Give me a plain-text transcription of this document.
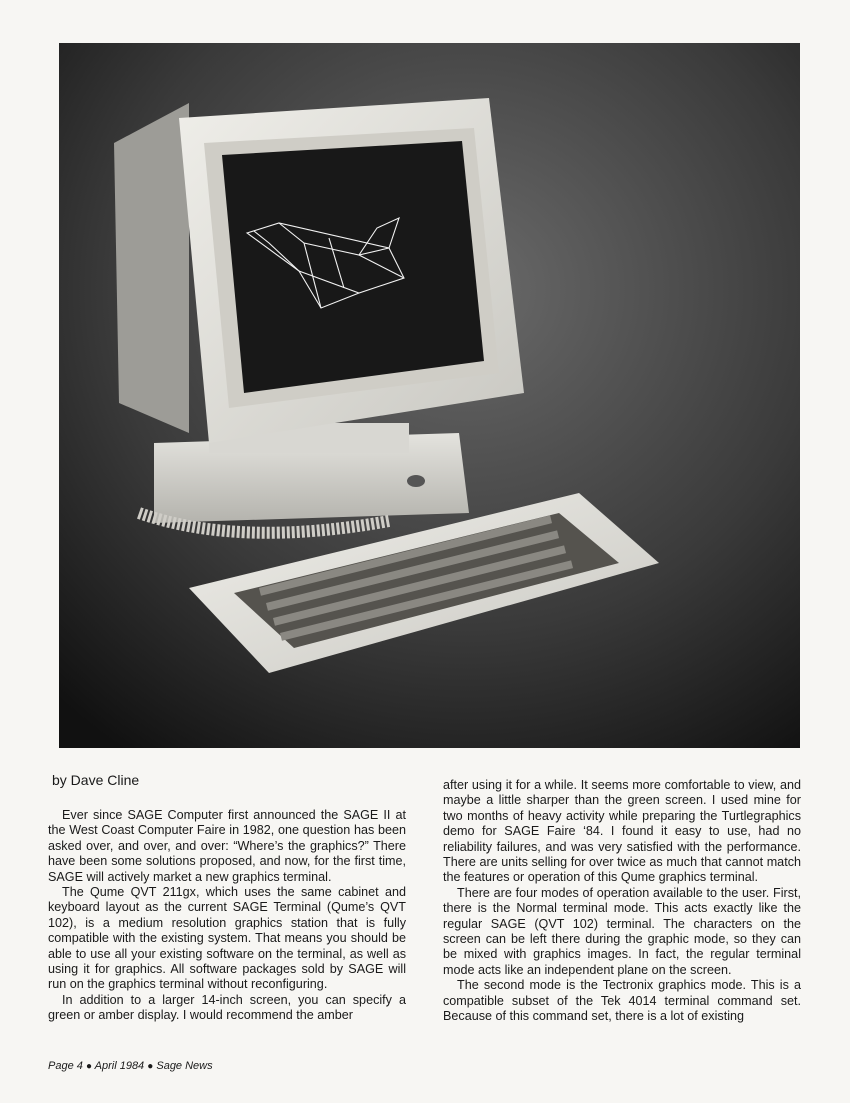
by Dave Cline

Ever since SAGE Computer first announced the SAGE II at the West Coast Computer Faire in 1982, one question has been asked over, and over, and over: “Where’s the graphics?” There have been some solutions proposed, and now, for the first time, SAGE will actively market a new graphics terminal.

The Qume QVT 211gx, which uses the same cabinet and keyboard layout as the current SAGE Terminal (Qume’s QVT 102), is a medium resolution graphics station that is fully compatible with the existing system. That means you should be able to use all your existing software on the terminal, as well as using it for graphics. All software packages sold by SAGE will run on the graphics terminal without reconfiguring.

In addition to a larger 14-inch screen, you can specify a green or amber display. I would recommend the amber

after using it for a while. It seems more comfortable to view, and maybe a little sharper than the green screen. I used mine for two months of heavy activity while preparing the Turtlegraphics demo for SAGE Faire ‘84. I found it easy to use, had no reliability failures, and was very satisfied with the performance. There are units selling for over twice as much that cannot match the features or operation of this Qume graphics terminal.

There are four modes of operation available to the user. First, there is the Normal terminal mode. This acts exactly like the regular SAGE (QVT 102) terminal. The characters on the screen can be left there during the graphic mode, so they can be mixed with graphics images. In fact, the regular terminal mode acts like an independent plane on the screen.

The second mode is the Tectronix graphics mode. This is a compatible subset of the Tek 4014 terminal command set. Because of this command set, there is a lot of existing

Page 4 ● April 1984 ● Sage News
